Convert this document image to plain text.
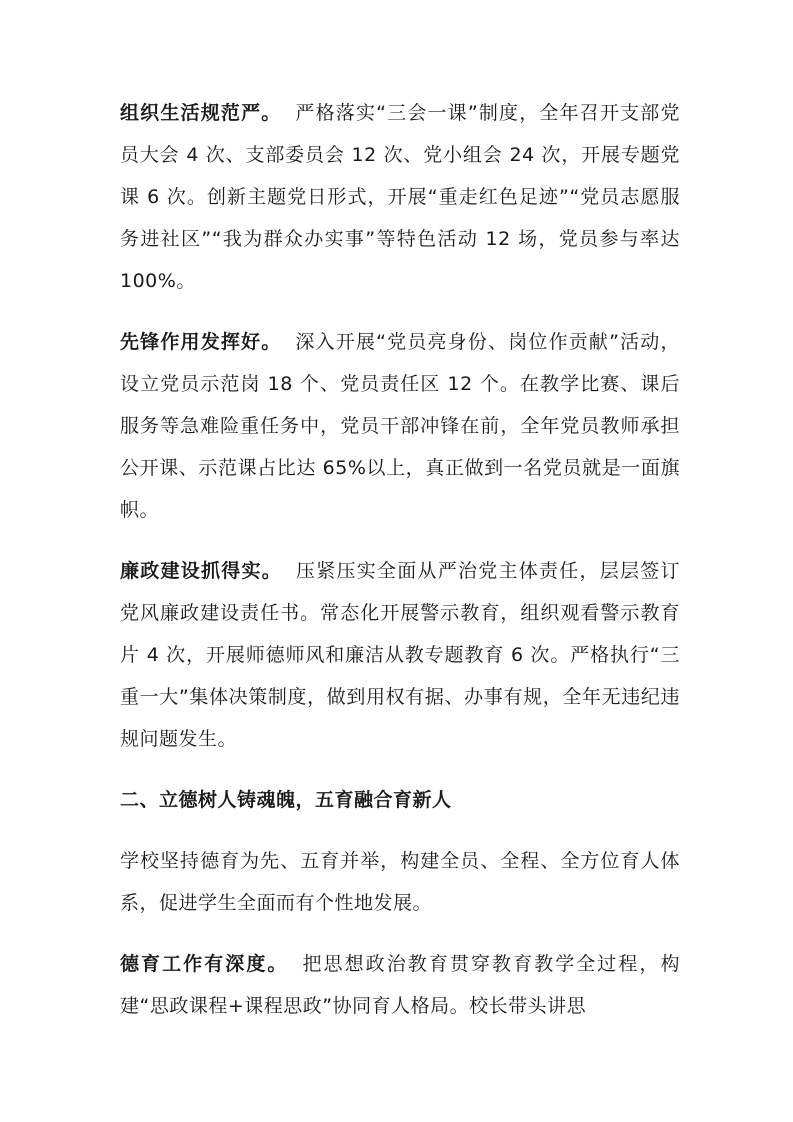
组织生活规范严。 严格落实“三会一课”制度，全年召开支部党员大会 4 次、支部委员会 12 次、党小组会 24 次，开展专题党课 6 次。创新主题党日形式，开展“重走红色足迹”“党员志愿服务进社区”“我为群众办实事”等特色活动 12 场，党员参与率达 100%。

先锋作用发挥好。 深入开展“党员亮身份、岗位作贡献”活动，设立党员示范岗 18 个、党员责任区 12 个。在教学比赛、课后服务等急难险重任务中，党员干部冲锋在前，全年党员教师承担公开课、示范课占比达 65%以上，真正做到一名党员就是一面旗帜。

廉政建设抓得实。 压紧压实全面从严治党主体责任，层层签订党风廉政建设责任书。常态化开展警示教育，组织观看警示教育片 4 次，开展师德师风和廉洁从教专题教育 6 次。严格执行“三重一大”集体决策制度，做到用权有据、办事有规，全年无违纪违规问题发生。

二、立德树人铸魂魄，五育融合育新人

学校坚持德育为先、五育并举，构建全员、全程、全方位育人体系，促进学生全面而有个性地发展。

德育工作有深度。 把思想政治教育贯穿教育教学全过程，构建“思政课程+课程思政”协同育人格局。校长带头讲思
